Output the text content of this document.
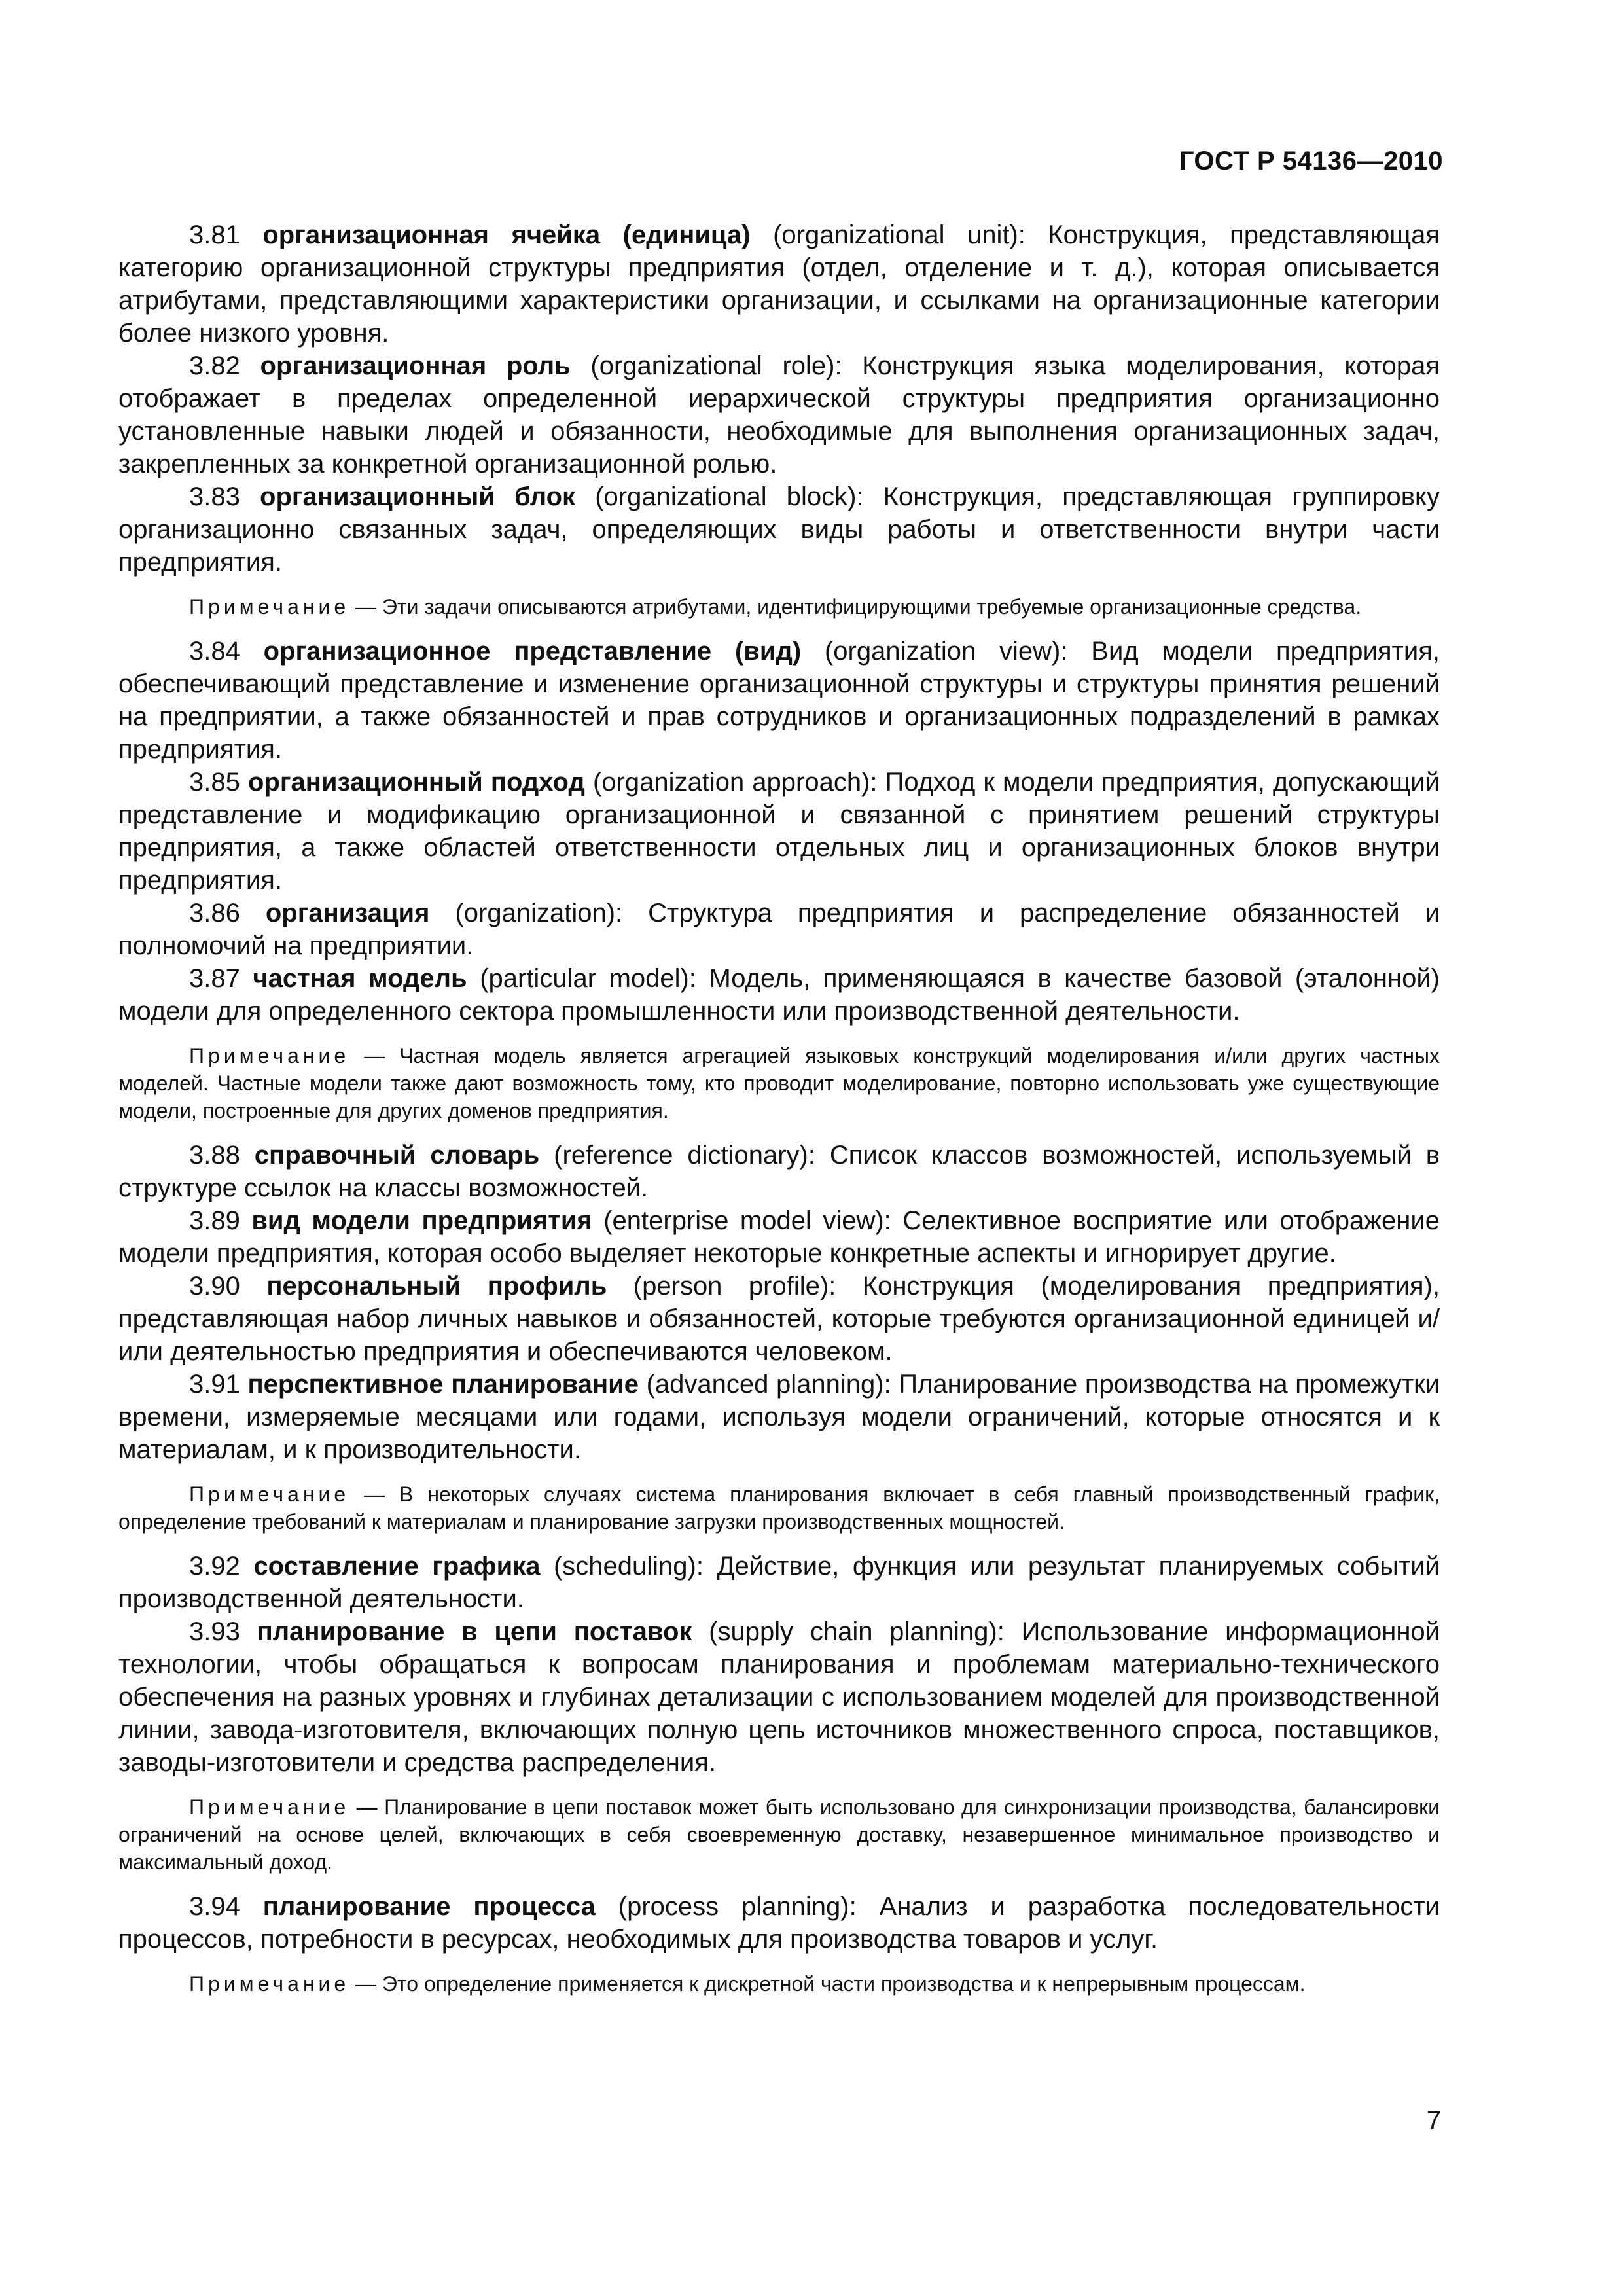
ГОСТ Р 54136—2010

3.81 организационная ячейка (единица) (organizational unit): Конструкция, представляющая категорию организационной структуры предприятия (отдел, отделение и т. д.), которая описывается атрибутами, представляющими характеристики организации, и ссылками на организационные категории более низкого уровня.

3.82 организационная роль (organizational role): Конструкция языка моделирования, которая отображает в пределах определенной иерархической структуры предприятия организационно установленные навыки людей и обязанности, необходимые для выполнения организационных задач, закрепленных за конкретной организационной ролью.

3.83 организационный блок (organizational block): Конструкция, представляющая группировку организационно связанных задач, определяющих виды работы и ответственности внутри части предприятия.

Примечание — Эти задачи описываются атрибутами, идентифицирующими требуемые организационные средства.

3.84 организационное представление (вид) (organization view): Вид модели предприятия, обеспечивающий представление и изменение организационной структуры и структуры принятия решений на предприятии, а также обязанностей и прав сотрудников и организационных подразделений в рамках предприятия.

3.85 организационный подход (organization approach): Подход к модели предприятия, допускающий представление и модификацию организационной и связанной с принятием решений структуры предприятия, а также областей ответственности отдельных лиц и организационных блоков внутри предприятия.

3.86 организация (organization): Структура предприятия и распределение обязанностей и полномочий на предприятии.

3.87 частная модель (particular model): Модель, применяющаяся в качестве базовой (эталонной) модели для определенного сектора промышленности или производственной деятельности.

Примечание — Частная модель является агрегацией языковых конструкций моделирования и/или других частных моделей. Частные модели также дают возможность тому, кто проводит моделирование, повторно использовать уже существующие модели, построенные для других доменов предприятия.

3.88 справочный словарь (reference dictionary): Список классов возможностей, используемый в структуре ссылок на классы возможностей.

3.89 вид модели предприятия (enterprise model view): Селективное восприятие или отображение модели предприятия, которая особо выделяет некоторые конкретные аспекты и игнорирует другие.

3.90 персональный профиль (person profile): Конструкция (моделирования предприятия), представляющая набор личных навыков и обязанностей, которые требуются организационной единицей и/или деятельностью предприятия и обеспечиваются человеком.

3.91 перспективное планирование (advanced planning): Планирование производства на промежутки времени, измеряемые месяцами или годами, используя модели ограничений, которые относятся и к материалам, и к производительности.

Примечание — В некоторых случаях система планирования включает в себя главный производственный график, определение требований к материалам и планирование загрузки производственных мощностей.

3.92 составление графика (scheduling): Действие, функция или результат планируемых событий производственной деятельности.

3.93 планирование в цепи поставок (supply chain planning): Использование информационной технологии, чтобы обращаться к вопросам планирования и проблемам материально-технического обеспечения на разных уровнях и глубинах детализации с использованием моделей для производственной линии, завода-изготовителя, включающих полную цепь источников множественного спроса, поставщиков, заводы-изготовители и средства распределения.

Примечание — Планирование в цепи поставок может быть использовано для синхронизации производства, балансировки ограничений на основе целей, включающих в себя своевременную доставку, незавершенное минимальное производство и максимальный доход.

3.94 планирование процесса (process planning): Анализ и разработка последовательности процессов, потребности в ресурсах, необходимых для производства товаров и услуг.

Примечание — Это определение применяется к дискретной части производства и к непрерывным процессам.

7
